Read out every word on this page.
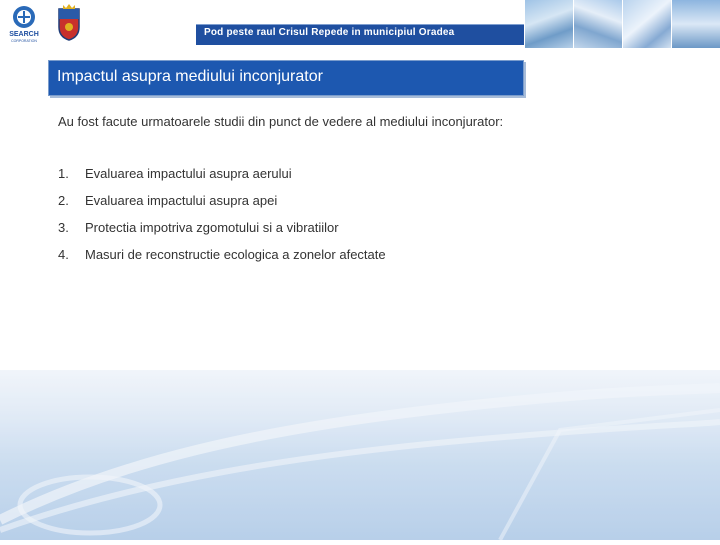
SEARCH
CORPORATION
Pod peste raul Crisul Repede in municipiul Oradea
Impactul asupra mediului inconjurator
Au fost facute urmatoarele studii din punct de vedere al mediului inconjurator:
1.	Evaluarea impactului asupra aerului
2.	Evaluarea impactului asupra apei
3.	Protectia impotriva zgomotului si a vibratiilor
4.	Masuri de reconstructie ecologica a zonelor afectate
